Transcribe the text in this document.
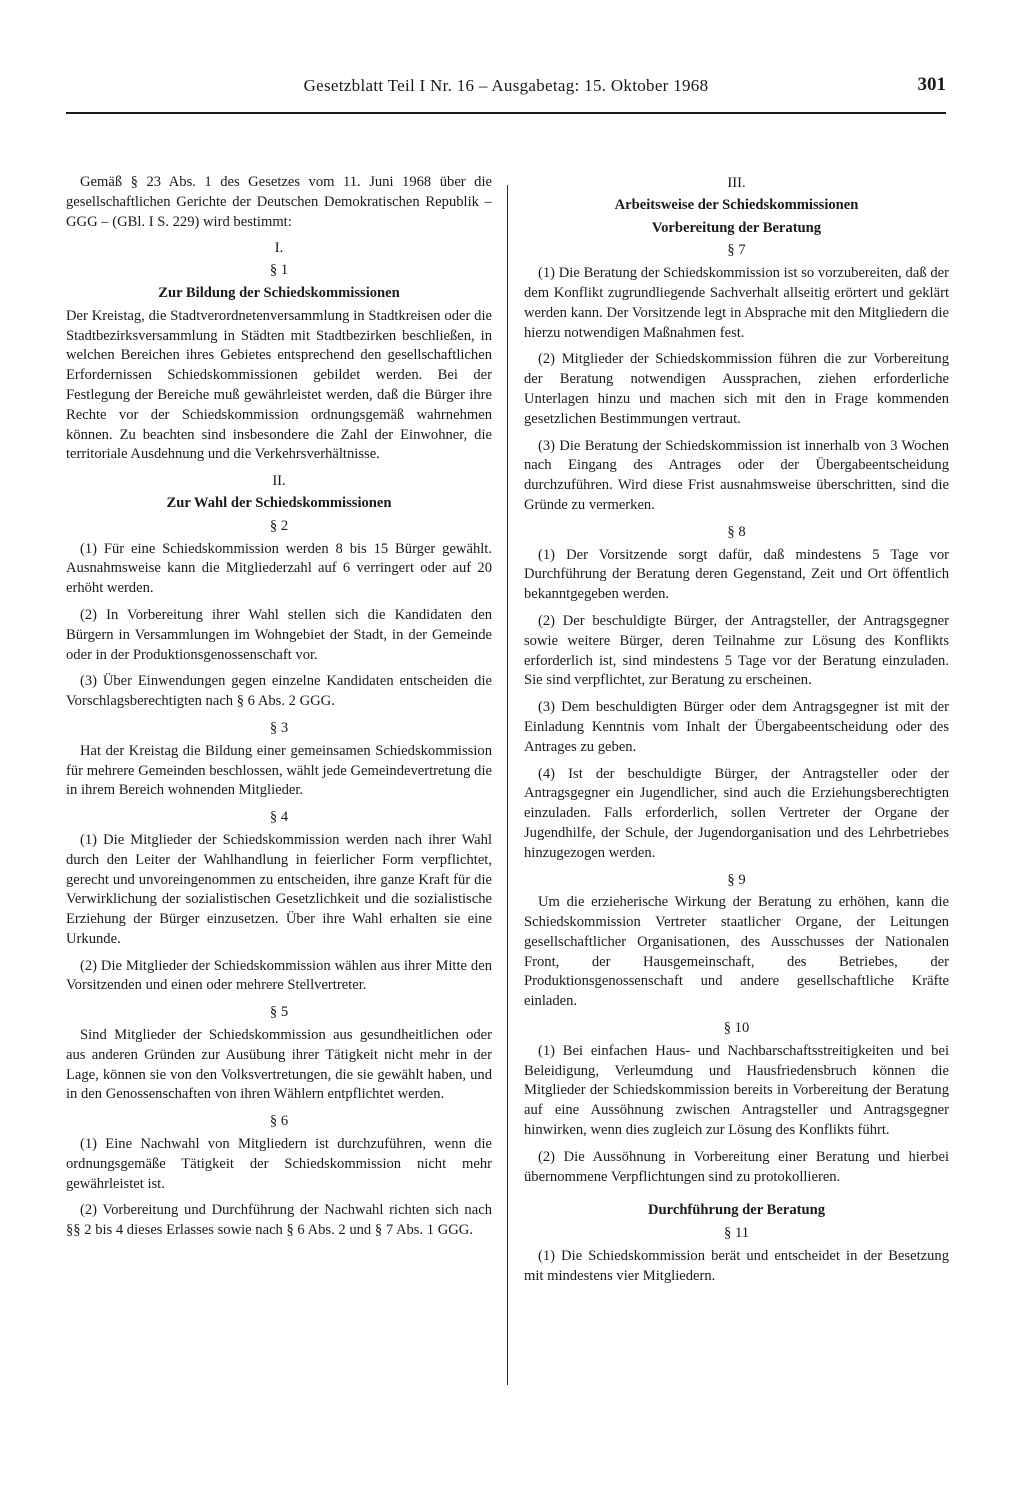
Gesetzblatt Teil I Nr. 16 – Ausgabetag: 15. Oktober 1968	301

Gemäß § 23 Abs. 1 des Gesetzes vom 11. Juni 1968 über die gesellschaftlichen Gerichte der Deutschen Demokratischen Republik – GGG – (GBl. I S. 229) wird bestimmt:

I.
§ 1
Zur Bildung der Schiedskommissionen

Der Kreistag, die Stadtverordnetenversammlung in Stadtkreisen oder die Stadtbezirksversammlung in Städten mit Stadtbezirken beschließen, in welchen Bereichen ihres Gebietes entsprechend den gesellschaftlichen Erfordernissen Schiedskommissionen gebildet werden. Bei der Festlegung der Bereiche muß gewährleistet werden, daß die Bürger ihre Rechte vor der Schiedskommission ordnungsgemäß wahrnehmen können. Zu beachten sind insbesondere die Zahl der Einwohner, die territoriale Ausdehnung und die Verkehrsverhältnisse.

II.
Zur Wahl der Schiedskommissionen
§ 2

(1) Für eine Schiedskommission werden 8 bis 15 Bürger gewählt. Ausnahmsweise kann die Mitgliederzahl auf 6 verringert oder auf 20 erhöht werden.

(2) In Vorbereitung ihrer Wahl stellen sich die Kandidaten den Bürgern in Versammlungen im Wohngebiet der Stadt, in der Gemeinde oder in der Produktionsgenossenschaft vor.

(3) Über Einwendungen gegen einzelne Kandidaten entscheiden die Vorschlagsberechtigten nach § 6 Abs. 2 GGG.

§ 3

Hat der Kreistag die Bildung einer gemeinsamen Schiedskommission für mehrere Gemeinden beschlossen, wählt jede Gemeindevertretung die in ihrem Bereich wohnenden Mitglieder.

§ 4

(1) Die Mitglieder der Schiedskommission werden nach ihrer Wahl durch den Leiter der Wahlhandlung in feierlicher Form verpflichtet, gerecht und unvoreingenommen zu entscheiden, ihre ganze Kraft für die Verwirklichung der sozialistischen Gesetzlichkeit und die sozialistische Erziehung der Bürger einzusetzen. Über ihre Wahl erhalten sie eine Urkunde.

(2) Die Mitglieder der Schiedskommission wählen aus ihrer Mitte den Vorsitzenden und einen oder mehrere Stellvertreter.

§ 5

Sind Mitglieder der Schiedskommission aus gesundheitlichen oder aus anderen Gründen zur Ausübung ihrer Tätigkeit nicht mehr in der Lage, können sie von den Volksvertretungen, die sie gewählt haben, und in den Genossenschaften von ihren Wählern entpflichtet werden.

§ 6

(1) Eine Nachwahl von Mitgliedern ist durchzuführen, wenn die ordnungsgemäße Tätigkeit der Schiedskommission nicht mehr gewährleistet ist.

(2) Vorbereitung und Durchführung der Nachwahl richten sich nach §§ 2 bis 4 dieses Erlasses sowie nach § 6 Abs. 2 und § 7 Abs. 1 GGG.

III.
Arbeitsweise der Schiedskommissionen
Vorbereitung der Beratung
§ 7

(1) Die Beratung der Schiedskommission ist so vorzubereiten, daß der dem Konflikt zugrundliegende Sachverhalt allseitig erörtert und geklärt werden kann. Der Vorsitzende legt in Absprache mit den Mitgliedern die hierzu notwendigen Maßnahmen fest.

(2) Mitglieder der Schiedskommission führen die zur Vorbereitung der Beratung notwendigen Aussprachen, ziehen erforderliche Unterlagen hinzu und machen sich mit den in Frage kommenden gesetzlichen Bestimmungen vertraut.

(3) Die Beratung der Schiedskommission ist innerhalb von 3 Wochen nach Eingang des Antrages oder der Übergabeentscheidung durchzuführen. Wird diese Frist ausnahmsweise überschritten, sind die Gründe zu vermerken.

§ 8

(1) Der Vorsitzende sorgt dafür, daß mindestens 5 Tage vor Durchführung der Beratung deren Gegenstand, Zeit und Ort öffentlich bekanntgegeben werden.

(2) Der beschuldigte Bürger, der Antragsteller, der Antragsgegner sowie weitere Bürger, deren Teilnahme zur Lösung des Konflikts erforderlich ist, sind mindestens 5 Tage vor der Beratung einzuladen. Sie sind verpflichtet, zur Beratung zu erscheinen.

(3) Dem beschuldigten Bürger oder dem Antragsgegner ist mit der Einladung Kenntnis vom Inhalt der Übergabeentscheidung oder des Antrages zu geben.

(4) Ist der beschuldigte Bürger, der Antragsteller oder der Antragsgegner ein Jugendlicher, sind auch die Erziehungsberechtigten einzuladen. Falls erforderlich, sollen Vertreter der Organe der Jugendhilfe, der Schule, der Jugendorganisation und des Lehrbetriebes hinzugezogen werden.

§ 9

Um die erzieherische Wirkung der Beratung zu erhöhen, kann die Schiedskommission Vertreter staatlicher Organe, der Leitungen gesellschaftlicher Organisationen, des Ausschusses der Nationalen Front, der Hausgemeinschaft, des Betriebes, der Produktionsgenossenschaft und andere gesellschaftliche Kräfte einladen.

§ 10

(1) Bei einfachen Haus- und Nachbarschaftsstreitigkeiten und bei Beleidigung, Verleumdung und Hausfriedensbruch können die Mitglieder der Schiedskommission bereits in Vorbereitung der Beratung auf eine Aussöhnung zwischen Antragsteller und Antragsgegner hinwirken, wenn dies zugleich zur Lösung des Konflikts führt.

(2) Die Aussöhnung in Vorbereitung einer Beratung und hierbei übernommene Verpflichtungen sind zu protokollieren.

Durchführung der Beratung
§ 11

(1) Die Schiedskommission berät und entscheidet in der Besetzung mit mindestens vier Mitgliedern.
